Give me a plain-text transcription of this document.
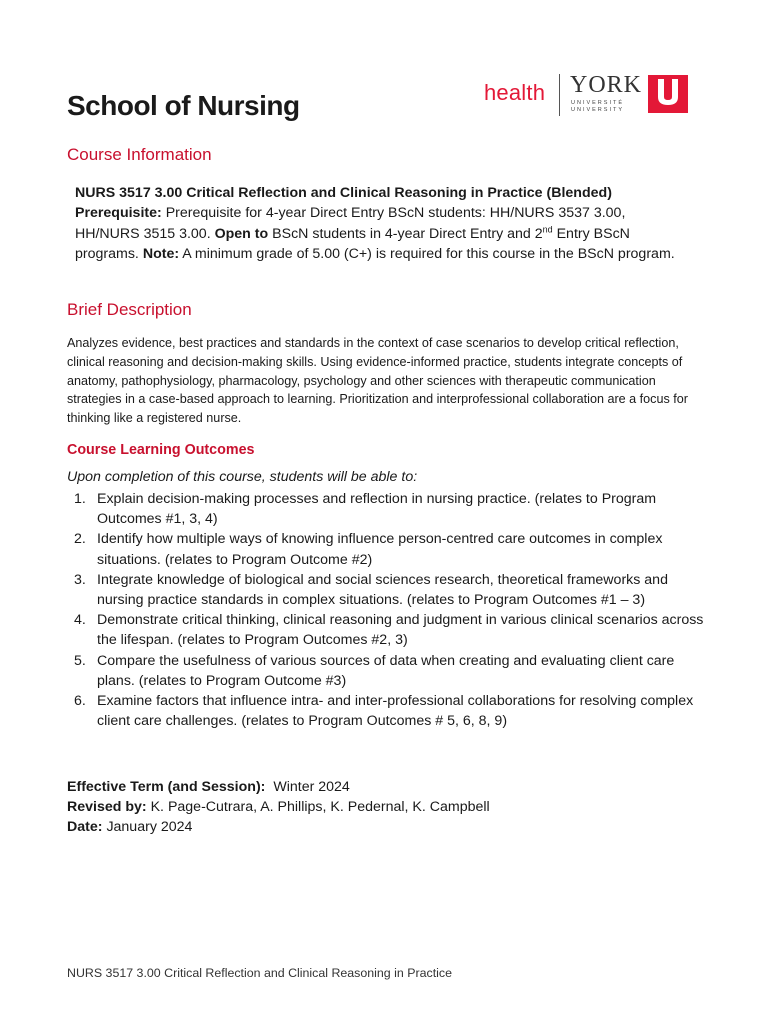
health YORK
UNIVERSITÉ
UNIVERSITY
School of Nursing
Course Information
NURS 3517 3.00 Critical Reflection and Clinical Reasoning in Practice (Blended)
Prerequisite: Prerequisite for 4-year Direct Entry BScN students: HH/NURS 3537 3.00, HH/NURS 3515 3.00. Open to BScN students in 4-year Direct Entry and 2nd Entry BScN programs. Note: A minimum grade of 5.00 (C+) is required for this course in the BScN program.
Brief Description
Analyzes evidence, best practices and standards in the context of case scenarios to develop critical reflection, clinical reasoning and decision-making skills. Using evidence-informed practice, students integrate concepts of anatomy, pathophysiology, pharmacology, psychology and other sciences with therapeutic communication strategies in a case-based approach to learning. Prioritization and interprofessional collaboration are a focus for thinking like a registered nurse.
Course Learning Outcomes
Upon completion of this course, students will be able to:
1. Explain decision-making processes and reflection in nursing practice. (relates to Program Outcomes #1, 3, 4)
2. Identify how multiple ways of knowing influence person-centred care outcomes in complex situations. (relates to Program Outcome #2)
3. Integrate knowledge of biological and social sciences research, theoretical frameworks and nursing practice standards in complex situations. (relates to Program Outcomes #1 – 3)
4. Demonstrate critical thinking, clinical reasoning and judgment in various clinical scenarios across the lifespan. (relates to Program Outcomes #2, 3)
5. Compare the usefulness of various sources of data when creating and evaluating client care plans. (relates to Program Outcome #3)
6. Examine factors that influence intra- and inter-professional collaborations for resolving complex client care challenges. (relates to Program Outcomes # 5, 6, 8, 9)
Effective Term (and Session): Winter 2024
Revised by: K. Page-Cutrara, A. Phillips, K. Pedernal, K. Campbell
Date: January 2024
NURS 3517 3.00 Critical Reflection and Clinical Reasoning in Practice
